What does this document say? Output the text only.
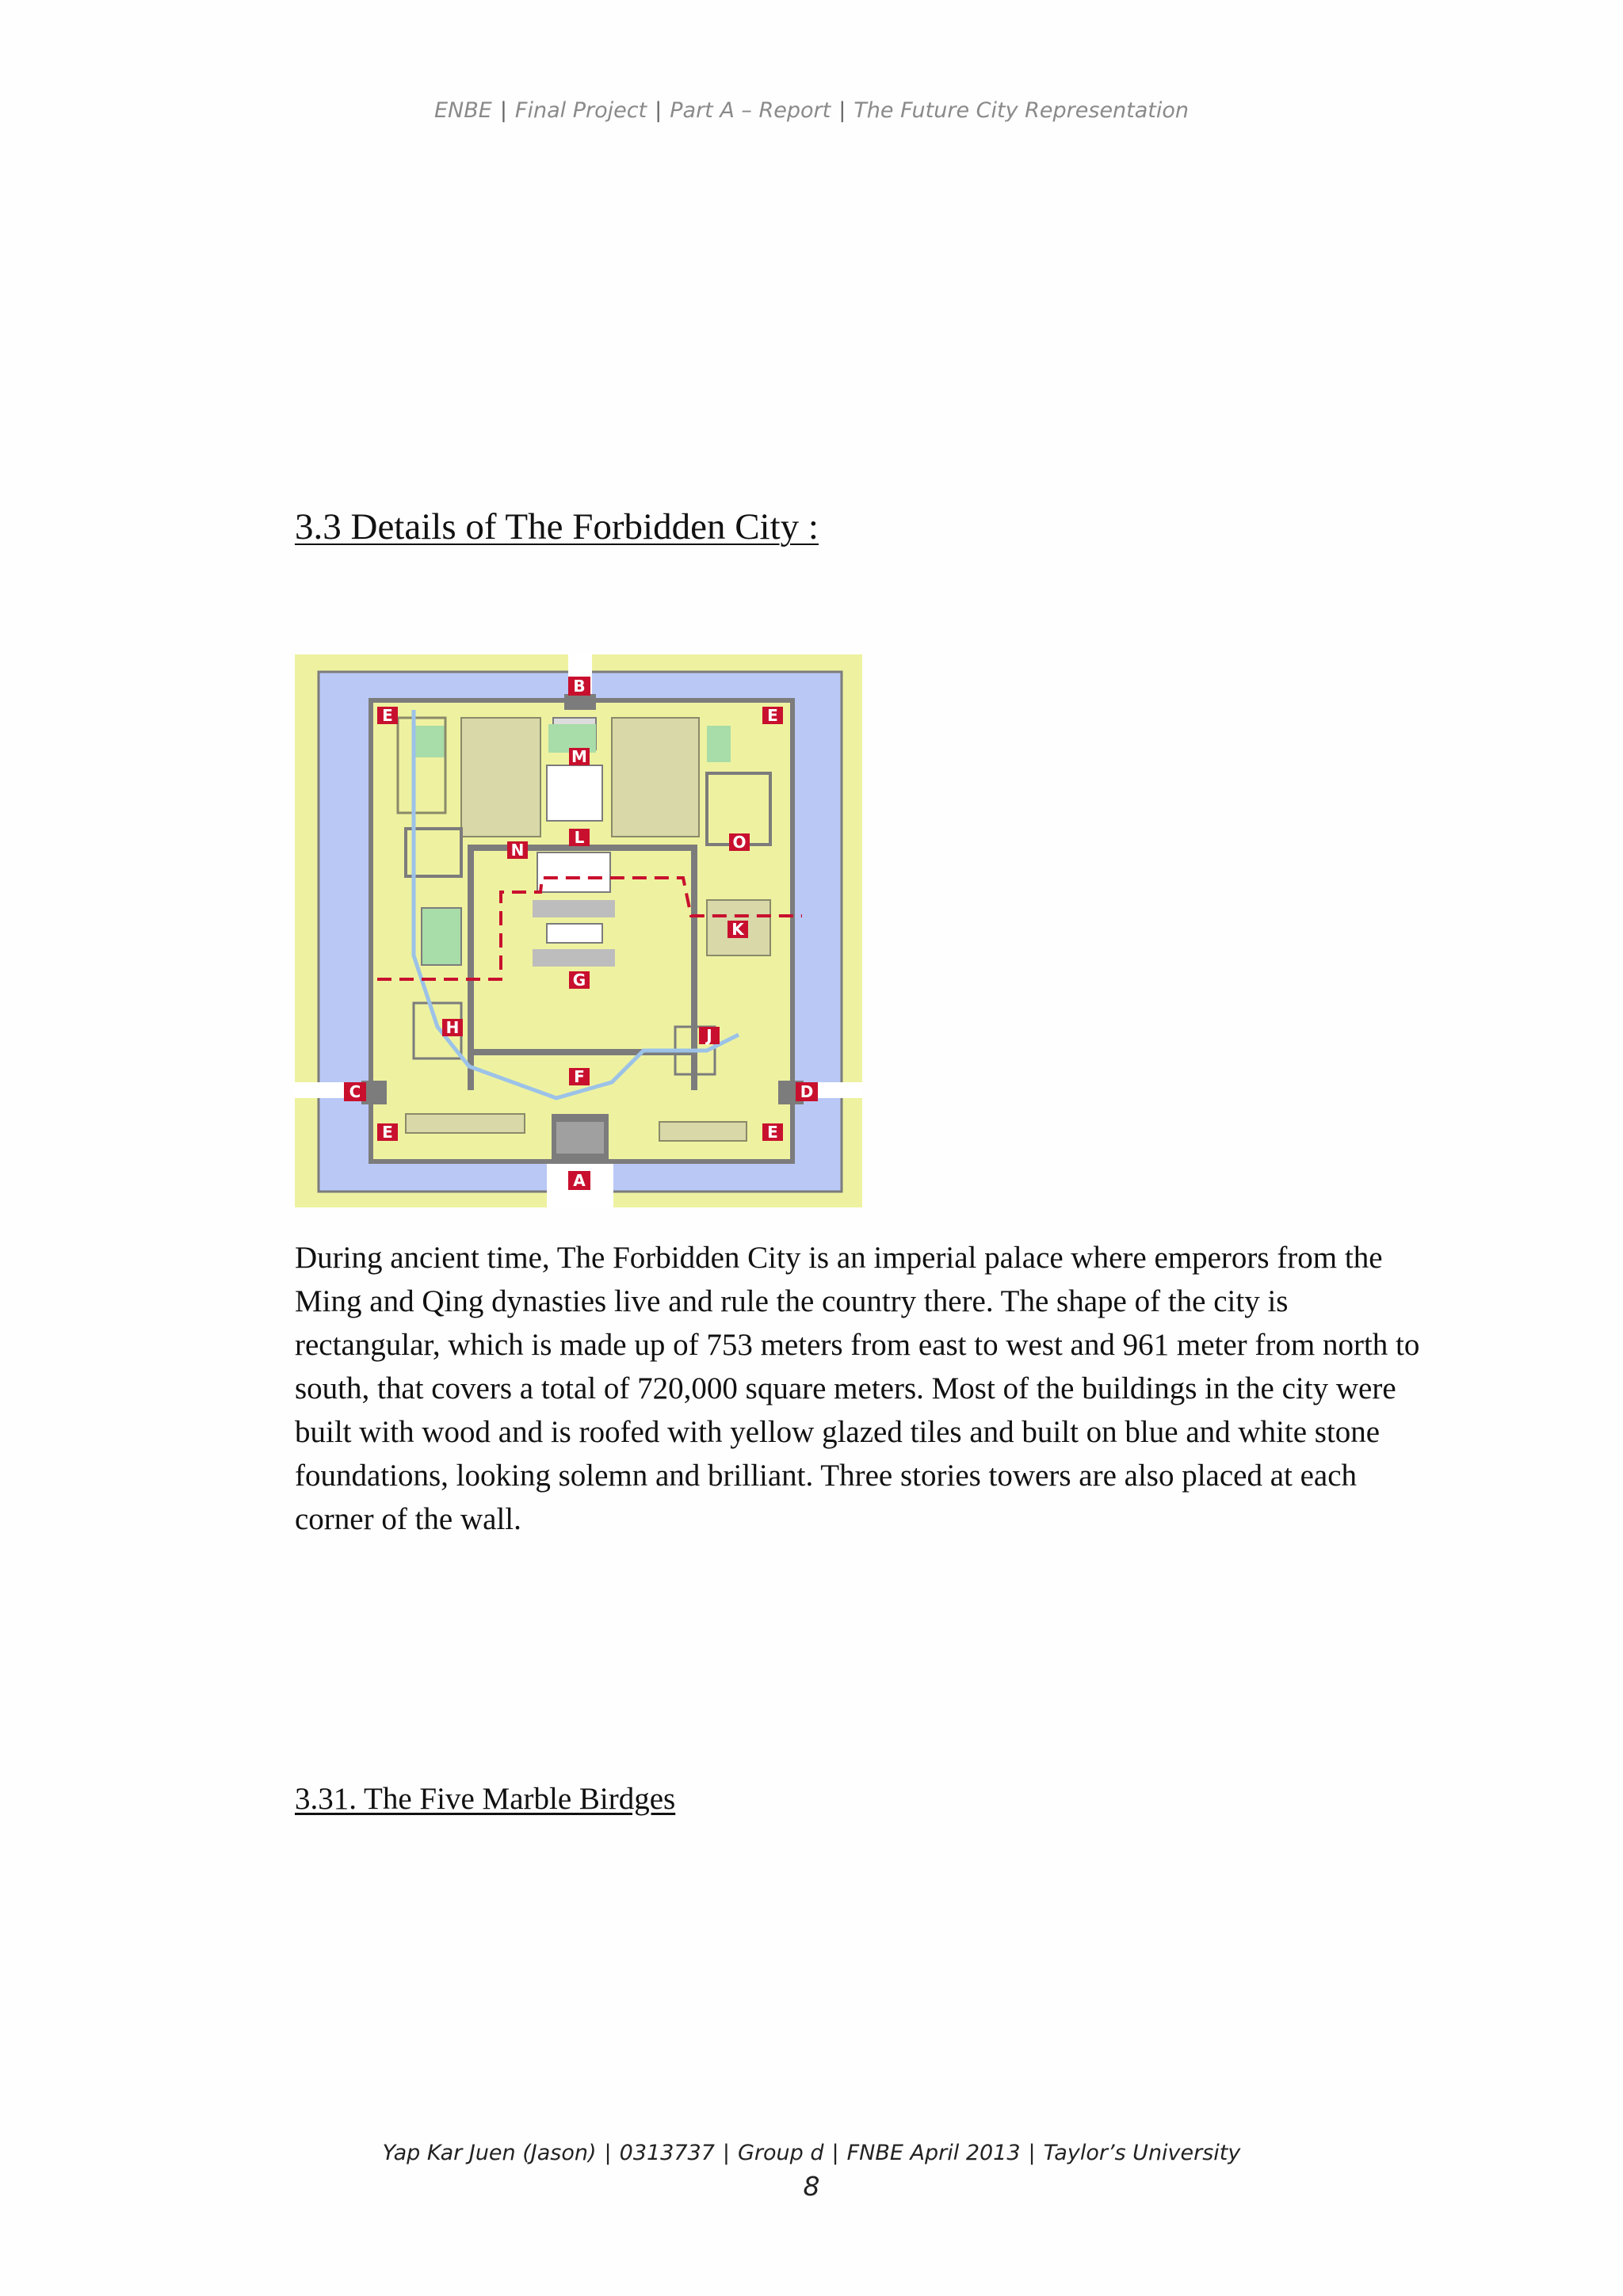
ENBE | Final Project | Part A – Report | The Future City Representation
3.3 Details of The Forbidden City :
A
B
C	D
E	E
E	E
F
G
H	J
K
L
M
N	O

During ancient time, The Forbidden City is an imperial palace where emperors from the Ming and Qing dynasties live and rule the country there. The shape of the city is rectangular, which is made up of 753 meters from east to west and 961 meter from north to south, that covers a total of 720,000 square meters. Most of the buildings in the city were built with wood and is roofed with yellow glazed tiles and built on blue and white stone foundations, looking solemn and brilliant. Three stories towers are also placed at each corner of the wall.

3.31. The Five Marble Birdges
Yap Kar Juen (Jason) | 0313737 | Group d | FNBE April 2013 | Taylor’s University
8
